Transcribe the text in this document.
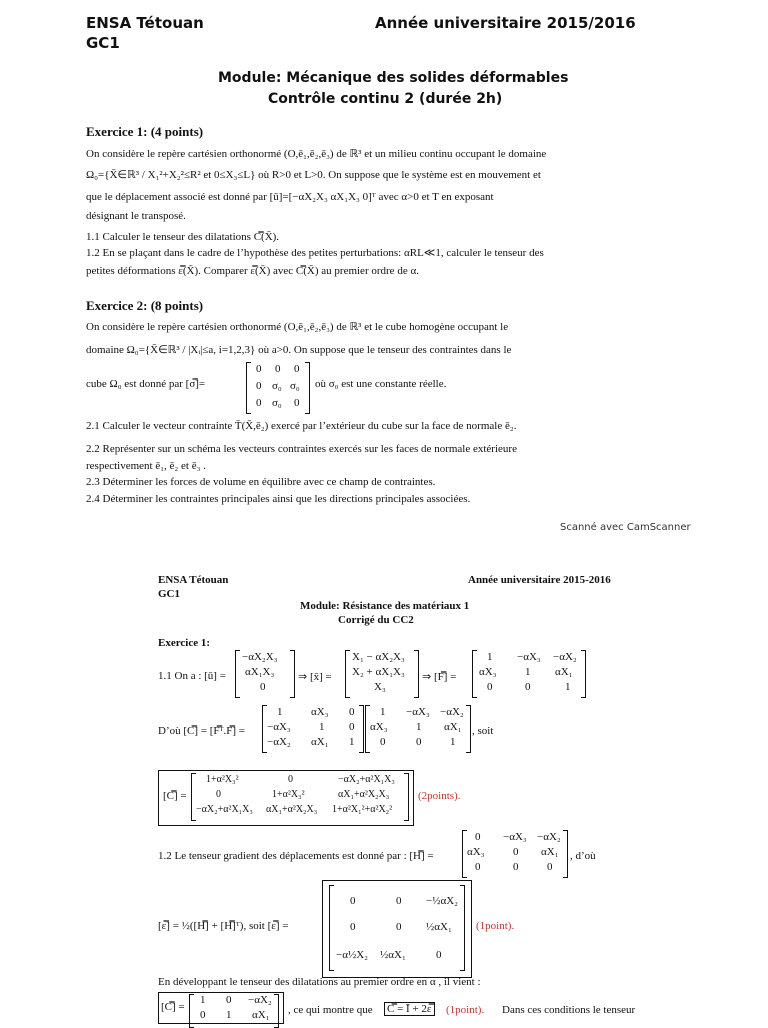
ENSA Tétouan
GC1
Année universitaire 2015/2016
Module: Mécanique des solides déformables
Contrôle continu 2 (durée 2h)
Exercice 1: (4 points)
On considère le repère cartésien orthonormé (O,ē₁,ē₂,ē₃) de ℝ³ et un milieu continu occupant le domaine
Ω₀={X̄∈ℝ³ / X₁²+X₂²≤R² et 0≤X₃≤L} où R>0 et L>0. On suppose que le système est en mouvement et
que le déplacement associé est donné par [ū]=[−αX₂X₃ αX₁X₃ 0]ᵀ avec α>0 et T en exposant
désignant le transposé.
1.1 Calculer le tenseur des dilatations C̿(X̄).
1.2 En se plaçant dans le cadre de l’hypothèse des petites perturbations: αRL≪1, calculer le tenseur des
petites déformations ε̿(X̄). Comparer ε̿(X̄) avec C̿(X̄) au premier ordre de α.
Exercice 2: (8 points)
On considère le repère cartésien orthonormé (O,ē₁,ē₂,ē₃) de ℝ³ et le cube homogène occupant le
domaine Ω₀={X̄∈ℝ³ / |Xᵢ|≤a, i=1,2,3} où a>0. On suppose que le tenseur des contraintes dans le
cube Ω₀ est donné par [σ̿]=
0 0 0
0 σ₀ σ₀
0 σ₀ 0
où σ₀ est une constante réelle.
2.1 Calculer le vecteur contrainte T̄(X̄,ē₂) exercé par l’extérieur du cube sur la face de normale ē₂.
2.2 Représenter sur un schéma les vecteurs contraintes exercés sur les faces de normale extérieure
respectivement ē₁, ē₂ et ē₃ .
2.3 Déterminer les forces de volume en équilibre avec ce champ de contraintes.
2.4 Déterminer les contraintes principales ainsi que les directions principales associées.
Scanné avec CamScanner
ENSA Tétouan
GC1
Année universitaire 2015-2016
Module: Résistance des matériaux 1
Corrigé du CC2
Exercice 1:
1.1 On a : [ū] =
−αX₂X₃
αX₁X₃
0
⇒ [x̄] =
X₁ − αX₂X₃
X₂ + αX₁X₃
X₃
⇒ [F̿] =
1 −αX₃ −αX₂
αX₃	1 αX₁
0	0	1
D’où [C̿] = [F̿ᵀ.F̿] =
1	αX₃ 0
−αX₃	1 0
−αX₂ αX₁ 1
1 −αX₃ −αX₂
αX₃	1 αX₁
0	0	1
, soit
[C̿] =
1+α²X₃²	0	−αX₂+α²X₁X₃
0	1+α²X₃²	αX₁+α²X₂X₃
−αX₂+α²X₁X₃ αX₁+α²X₂X₃ 1+α²X₁²+α²X₂²
(2points).
1.2 Le tenseur gradient des déplacements est donné par : [H̿] =
0 −αX₃ −αX₂
αX₃	0 αX₁
0	0	0
, d’où
[ε̿] = ½([H̿] + [H̿]ᵀ), soit [ε̿] =
0	0 −½αX₂
0	0 ½αX₁
−α½X₂ ½αX₁	0
(1point).
En développant le tenseur des dilatations au premier ordre en α , il vient :
[C̿] =
1 0 −αX₂
0 1 αX₁ , ce qui montre que C̿ = Ī + 2ε̿ (1point). Dans ces conditions le tenseur
